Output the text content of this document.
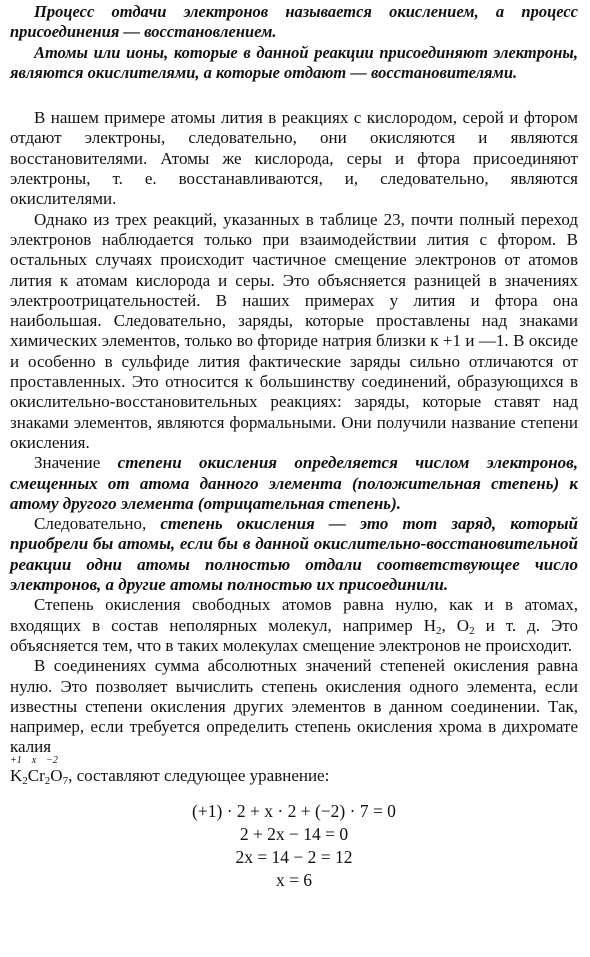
Процесс отдачи электронов называется окислением, а процесс присоединения — восстановлением.

Атомы или ионы, которые в данной реакции присоединяют электроны, являются окислителями, а которые отдают — восстановителями.

В нашем примере атомы лития в реакциях с кислородом, серой и фтором отдают электроны, следовательно, они окисляются и являются восстановителями. Атомы же кислорода, серы и фтора присоединяют электроны, т. е. восстанавливаются, и, следовательно, являются окислителями.

Однако из трех реакций, указанных в таблице 23, почти полный переход электронов наблюдается только при взаимодействии лития с фтором. В остальных случаях происходит частичное смещение электронов от атомов лития к атомам кислорода и серы. Это объясняется разницей в значениях электроотрицательностей. В наших примерах у лития и фтора она наибольшая. Следовательно, заряды, которые проставлены над знаками химических элементов, только во фториде натрия близки к +1 и —1. В оксиде и особенно в сульфиде лития фактические заряды сильно отличаются от проставленных. Это относится к большинству соединений, образующихся в окислительно-восстановительных реакциях: заряды, которые ставят над знаками элементов, являются формальными. Они получили название степени окисления.

Значение степени окисления определяется числом электронов, смещенных от атома данного элемента (положительная степень) к атому другого элемента (отрицательная степень).

Следовательно, степень окисления — это тот заряд, который приобрели бы атомы, если бы в данной окислительно-восстановительной реакции одни атомы полностью отдали соответствующее число электронов, а другие атомы полностью их присоединили.

Степень окисления свободных атомов равна нулю, как и в атомах, входящих в состав неполярных молекул, например $H_2$, $O_2$ и т. д. Это объясняется тем, что в таких молекулах смещение электронов не происходит.

В соединениях сумма абсолютных значений степеней окисления равна нулю. Это позволяет вычислить степень окисления одного элемента, если известны степени окисления других элементов в данном соединении. Так, например, если требуется определить степень окисления хрома в дихромате калия

+1    x    −2
$K_2Cr_2O_7$, составляют следующее уравнение:
(+1) · 2 + x · 2 + (−2) · 7 = 0
2 + 2x − 14 = 0
2x = 14 − 2 = 12
x = 6
